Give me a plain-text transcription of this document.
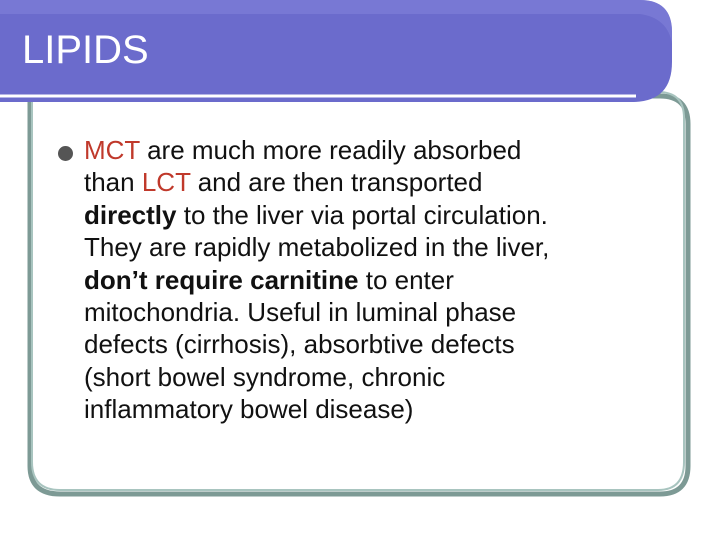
LIPIDS
MCT are much more readily absorbed
than LCT and are then transported
directly to the liver via portal circulation.
They are rapidly metabolized in the liver,
don’t require carnitine to enter
mitochondria. Useful in luminal phase
defects (cirrhosis), absorbtive defects
(short bowel syndrome, chronic
inflammatory bowel disease)
